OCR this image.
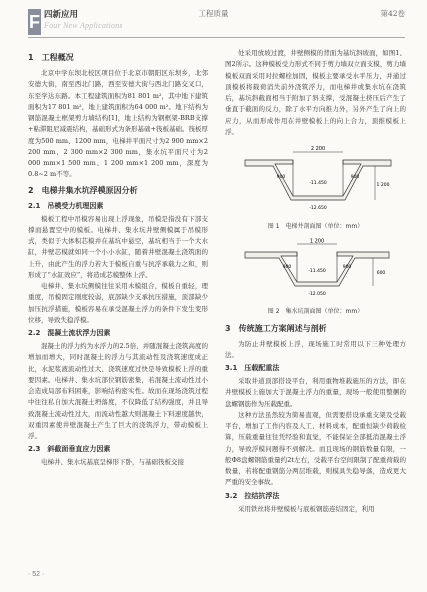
F 四新应用
Four New Applications
工程质量	第42卷
1　工程概况

北京中学东坝北校区项目位于北京市朝阳区东坝乡，北邻安德大街，南至西北门路，西至安德大街与西北门路交叉口，东至学达东路。本工程建筑面积为81 801 m²，其中地下建筑面积为17 801 m²，地上建筑面积为64 000 m²。地下结构为钢筋混凝土框架剪力墙结构[1]，地上结构为钢框架-BRB支撑+粘滞阻尼减震结构，基础形式为条形基础+筏板基础。筏板厚度为500 mm、1200 mm，电梯井平面尺寸为2 900 mm×2 200 mm、2 300 mm×2 300 mm，集水坑平面尺寸为2 000 mm×1 500 mm、1 200 mm×1 200 mm，深度为0.8~2 m不等。

2　电梯井集水坑浮模原因分析
2.1　吊模受力机理因素

模板工程中吊模容易出现上浮现象，吊模是指没有下部支撑而悬置空中的模板。电梯井、集水坑井壁侧模属于吊模形式，类似于大体积芯模并在基坑中悬空，基坑相当于一个大水缸，井壁芯模就如同一个小小水缸，随着井壁混凝土浇筑面的上升，由此产生的浮力若大于模板自重与抗浮承载力之和，则形成了“水缸效应”，将造成芯模整体上浮。

电梯井、集水坑侧模往往采用木模组合，模板自重轻，理重度，吊模固定刚度较弱，底部缺少支承抗压措施，顶部缺少加压抗浮措施，模板容易在承受混凝土浮力的条件下发生变形位移，导致失稳浮模。

2.2　混凝土流状浮力因素

混凝土的浮力约为水浮力的2.5倍，并随混凝土浇筑高度的增加而增大，同时混凝土的浮力与其流动性及浇筑速度成正比，水泥浆液流动性过大、浇筑速度过快是导致模板上浮的重要因素。电梯井、集水坑部位钢筋密集，若混凝土流动性过小会造成局部布料困难，影响结构密实性。故而在现场浇筑过程中往往私自加大混凝土坍落度，不仅降低了结构强度，并且导致混凝土流动性过大，而流动性越大则混凝土下料速度越快，双重因素使井壁混凝土产生了巨大的浇筑浮力，带动模板上浮。

2.3　斜截面垂直应力因素

电梯井、集水坑基底呈梯形下卧，与基础筏板交接

处采用放坡过渡，井壁侧模的背面为基坑斜坡面，如图1、图2所示。这种模板受力形式不同于剪力墙双立面支模，剪力墙模板双面采用对拉螺栓加固，模板主要承受水平压力，并通过顶模板将载荷消失前外浇筑浮力，而电梯井或集水坑在浇筑后，基坑斜截面相当于附加了斜支撑，受混凝土挤压后产生了垂直于截面的反力，除了水平方向推力外，另外产生了向上的应力，从而形成作用在井壁模板上的向上合力，顶推模板上浮。

2 200
900	900
-11.450
-12.650
1 200
图 1　电梯井剖面图（单位：mm）
1 200
900	900
-11.450
-12.050
600
图 2　集水坑剖面图（单位：mm）
3　传统施工方案阐述与剖析

为防止井壁模板上浮，现场施工时常用以下三种处理方法。

3.1　压载配重法

采取井道顶部搭设平台，利用重物堆载施压的方法，即在井壁模板上施加大于混凝土浮力的重量，现场一般使用整捆的盘螺钢筋作为压载配重。

这种方法虽然较为简易直观，但需要搭设承重支架及受载平台，增加了工作内容及人工、材料成本，配重恒缺少荷载检算，压载重量往往凭经验和直觉，不能保证全部抵消混凝土浮力，导致浮模问题得不到解决。而且现场的钢筋数量有限，一般Φ8盘螺钢筋重量约2t左右，受载平台空间限制了配重荷载的数量，若将配重钢筋分两层堆载，则模具失稳导落，造成更大严重的安全事故。

3.2　拉结抗浮法

采用铁丝将井壁模板与底板钢筋连结固定，利用

· 52 ·
